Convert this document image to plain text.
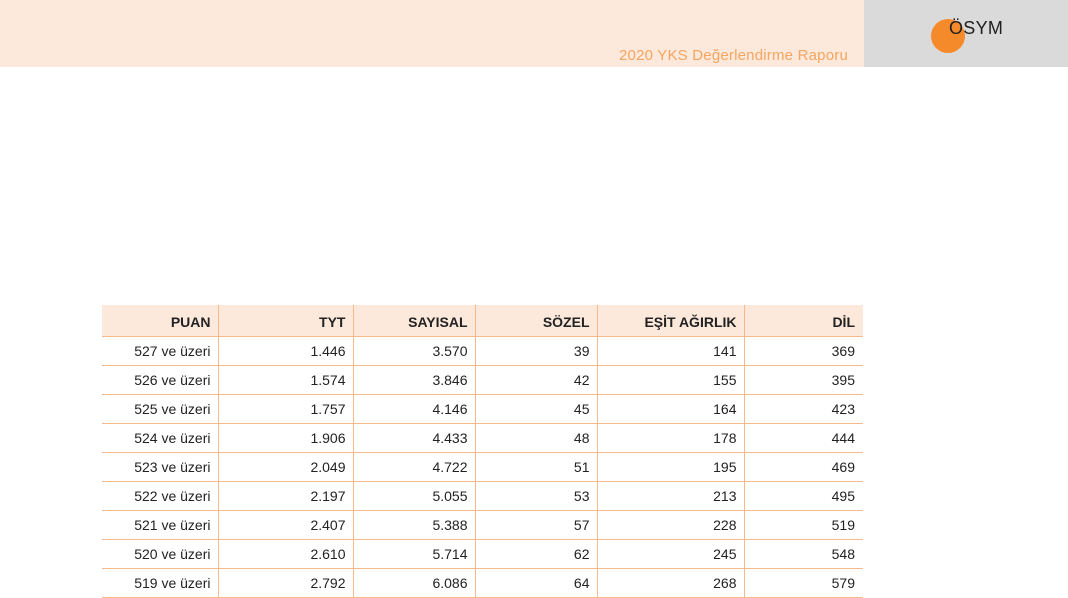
2020 YKS Değerlendirme Raporu
ÖSYM
PUAN	TYT	SAYISAL	SÖZEL	EŞİT AĞIRLIK	DİL
527 ve üzeri	1.446	3.570	39	141	369
526 ve üzeri	1.574	3.846	42	155	395
525 ve üzeri	1.757	4.146	45	164	423
524 ve üzeri	1.906	4.433	48	178	444
523 ve üzeri	2.049	4.722	51	195	469
522 ve üzeri	2.197	5.055	53	213	495
521 ve üzeri	2.407	5.388	57	228	519
520 ve üzeri	2.610	5.714	62	245	548
519 ve üzeri	2.792	6.086	64	268	579
